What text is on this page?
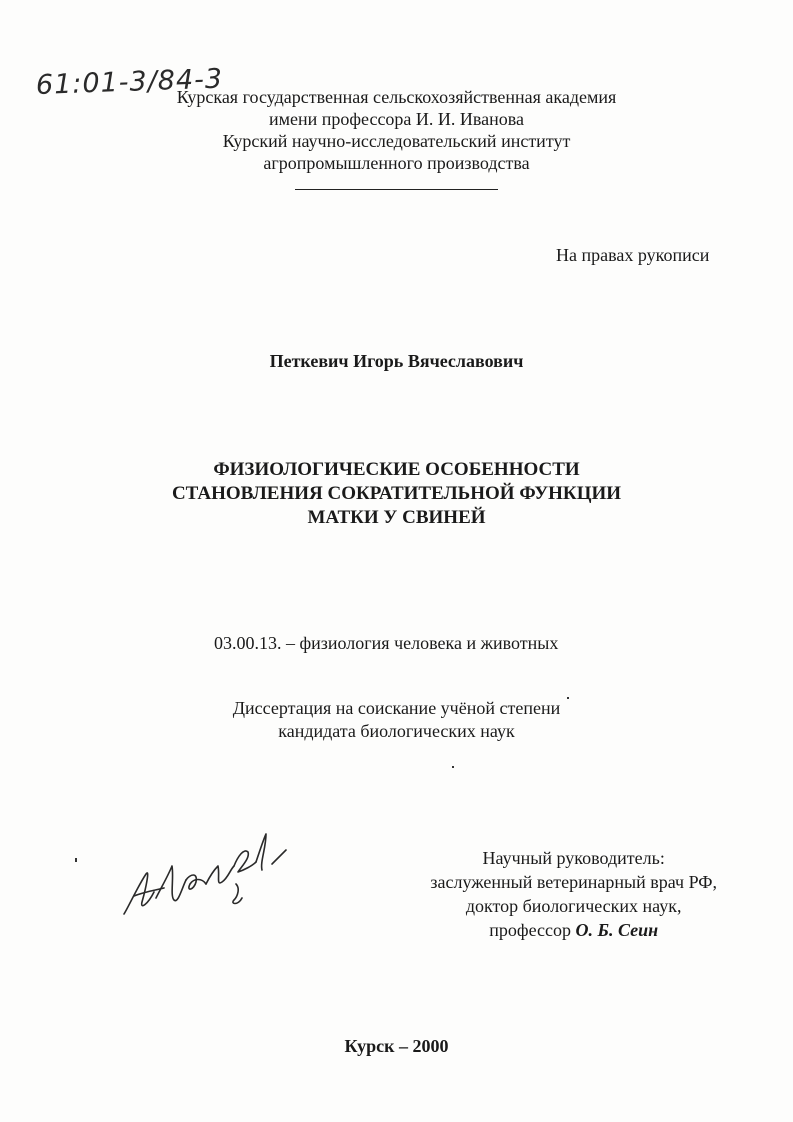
61:01-3/84-3
Курская государственная сельскохозяйственная академия
имени профессора И. И. Иванова
Курский научно-исследовательский институт
агропромышленного производства
На правах рукописи
Петкевич Игорь Вячеславович
ФИЗИОЛОГИЧЕСКИЕ ОСОБЕННОСТИ
СТАНОВЛЕНИЯ СОКРАТИТЕЛЬНОЙ ФУНКЦИИ
МАТКИ У СВИНЕЙ
03.00.13. – физиология человека и животных
Диссертация на соискание учёной степени
кандидата биологических наук
Научный руководитель:
заслуженный ветеринарный врач РФ,
доктор биологических наук,
профессор О. Б. Сеин
Курск – 2000
